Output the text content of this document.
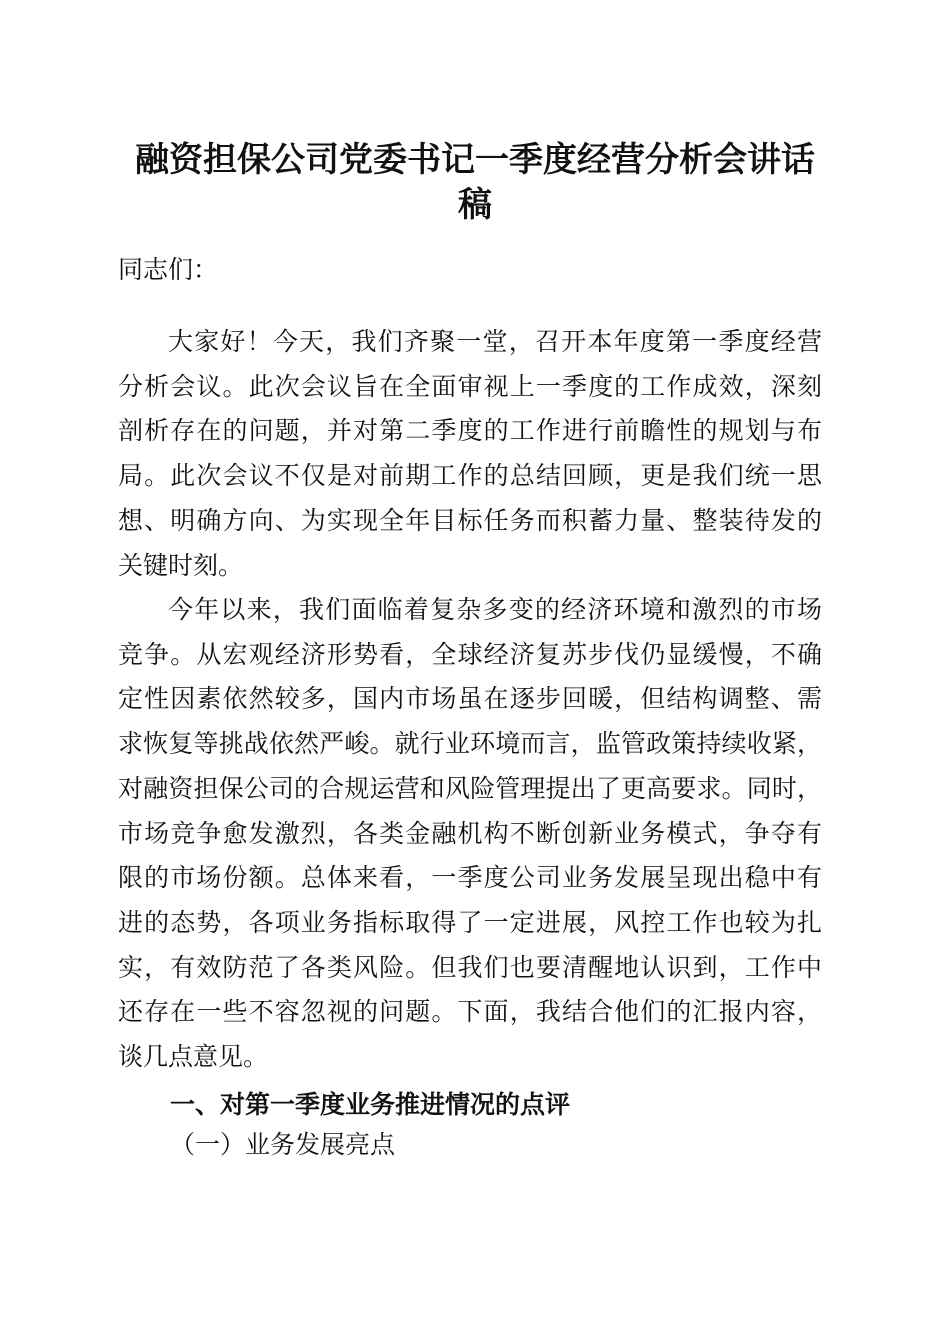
融资担保公司党委书记一季度经营分析会讲话
稿
同志们：
大家好！今天，我们齐聚一堂，召开本年度第一季度经营
分析会议。此次会议旨在全面审视上一季度的工作成效，深刻
剖析存在的问题，并对第二季度的工作进行前瞻性的规划与布
局。此次会议不仅是对前期工作的总结回顾，更是我们统一思
想、明确方向、为实现全年目标任务而积蓄力量、整装待发的
关键时刻。
今年以来，我们面临着复杂多变的经济环境和激烈的市场
竞争。从宏观经济形势看，全球经济复苏步伐仍显缓慢，不确
定性因素依然较多，国内市场虽在逐步回暖，但结构调整、需
求恢复等挑战依然严峻。就行业环境而言，监管政策持续收紧，
对融资担保公司的合规运营和风险管理提出了更高要求。同时，
市场竞争愈发激烈，各类金融机构不断创新业务模式，争夺有
限的市场份额。总体来看，一季度公司业务发展呈现出稳中有
进的态势，各项业务指标取得了一定进展，风控工作也较为扎
实，有效防范了各类风险。但我们也要清醒地认识到，工作中
还存在一些不容忽视的问题。下面，我结合他们的汇报内容，
谈几点意见。
一、对第一季度业务推进情况的点评
（一）业务发展亮点
